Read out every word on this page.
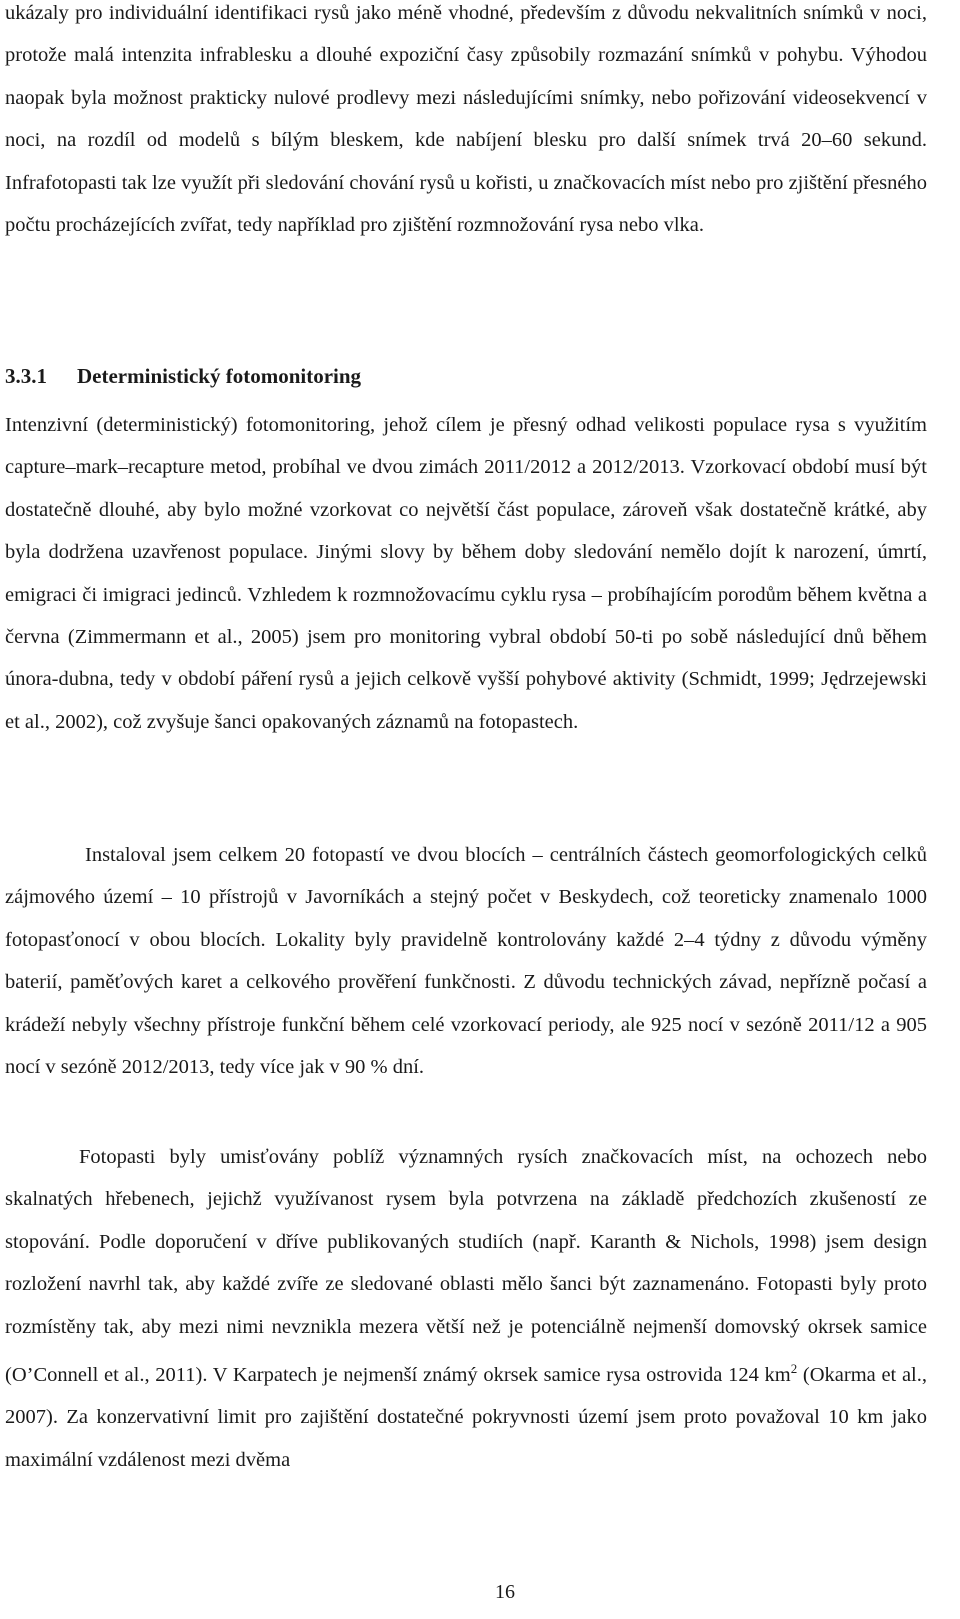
ukázaly pro individuální identifikaci rysů jako méně vhodné, především z důvodu nekvalitních snímků v noci, protože malá intenzita infrablesku a dlouhé expoziční časy způsobily rozmazání snímků v pohybu. Výhodou naopak byla možnost prakticky nulové prodlevy mezi následujícími snímky, nebo pořizování videosekvencí v noci, na rozdíl od modelů s bílým bleskem, kde nabíjení blesku pro další snímek trvá 20–60 sekund. Infrafotopasti tak lze využít při sledování chování rysů u kořisti, u značkovacích míst nebo pro zjištění přesného počtu procházejících zvířat, tedy například pro zjištění rozmnožování rysa nebo vlka.

3.3.1 Deterministický fotomonitoring

Intenzivní (deterministický) fotomonitoring, jehož cílem je přesný odhad velikosti populace rysa s využitím capture–mark–recapture metod, probíhal ve dvou zimách 2011/2012 a 2012/2013. Vzorkovací období musí být dostatečně dlouhé, aby bylo možné vzorkovat co největší část populace, zároveň však dostatečně krátké, aby byla dodržena uzavřenost populace. Jinými slovy by během doby sledování nemělo dojít k narození, úmrtí, emigraci či imigraci jedinců. Vzhledem k rozmnožovacímu cyklu rysa – probíhajícím porodům během května a června (Zimmermann et al., 2005) jsem pro monitoring vybral období 50-ti po sobě následující dnů během února-dubna, tedy v období páření rysů a jejich celkově vyšší pohybové aktivity (Schmidt, 1999; Jędrzejewski et al., 2002), což zvyšuje šanci opakovaných záznamů na fotopastech.

Instaloval jsem celkem 20 fotopastí ve dvou blocích – centrálních částech geomorfologických celků zájmového území – 10 přístrojů v Javorníkách a stejný počet v Beskydech, což teoreticky znamenalo 1000 fotopasťonocí v obou blocích. Lokality byly pravidelně kontrolovány každé 2–4 týdny z důvodu výměny baterií, paměťových karet a celkového prověření funkčnosti. Z důvodu technických závad, nepřízně počasí a krádeží nebyly všechny přístroje funkční během celé vzorkovací periody, ale 925 nocí v sezóně 2011/12 a 905 nocí v sezóně 2012/2013, tedy více jak v 90 % dní.

Fotopasti byly umisťovány poblíž významných rysích značkovacích míst, na ochozech nebo skalnatých hřebenech, jejichž využívanost rysem byla potvrzena na základě předchozích zkušeností ze stopování. Podle doporučení v dříve publikovaných studiích (např. Karanth & Nichols, 1998) jsem design rozložení navrhl tak, aby každé zvíře ze sledované oblasti mělo šanci být zaznamenáno. Fotopasti byly proto rozmístěny tak, aby mezi nimi nevznikla mezera větší než je potenciálně nejmenší domovský okrsek samice (O’Connell et al., 2011). V Karpatech je nejmenší známý okrsek samice rysa ostrovida 124 $km^2$ (Okarma et al., 2007). Za konzervativní limit pro zajištění dostatečné pokryvnosti území jsem proto považoval 10 km jako maximální vzdálenost mezi dvěma

16
